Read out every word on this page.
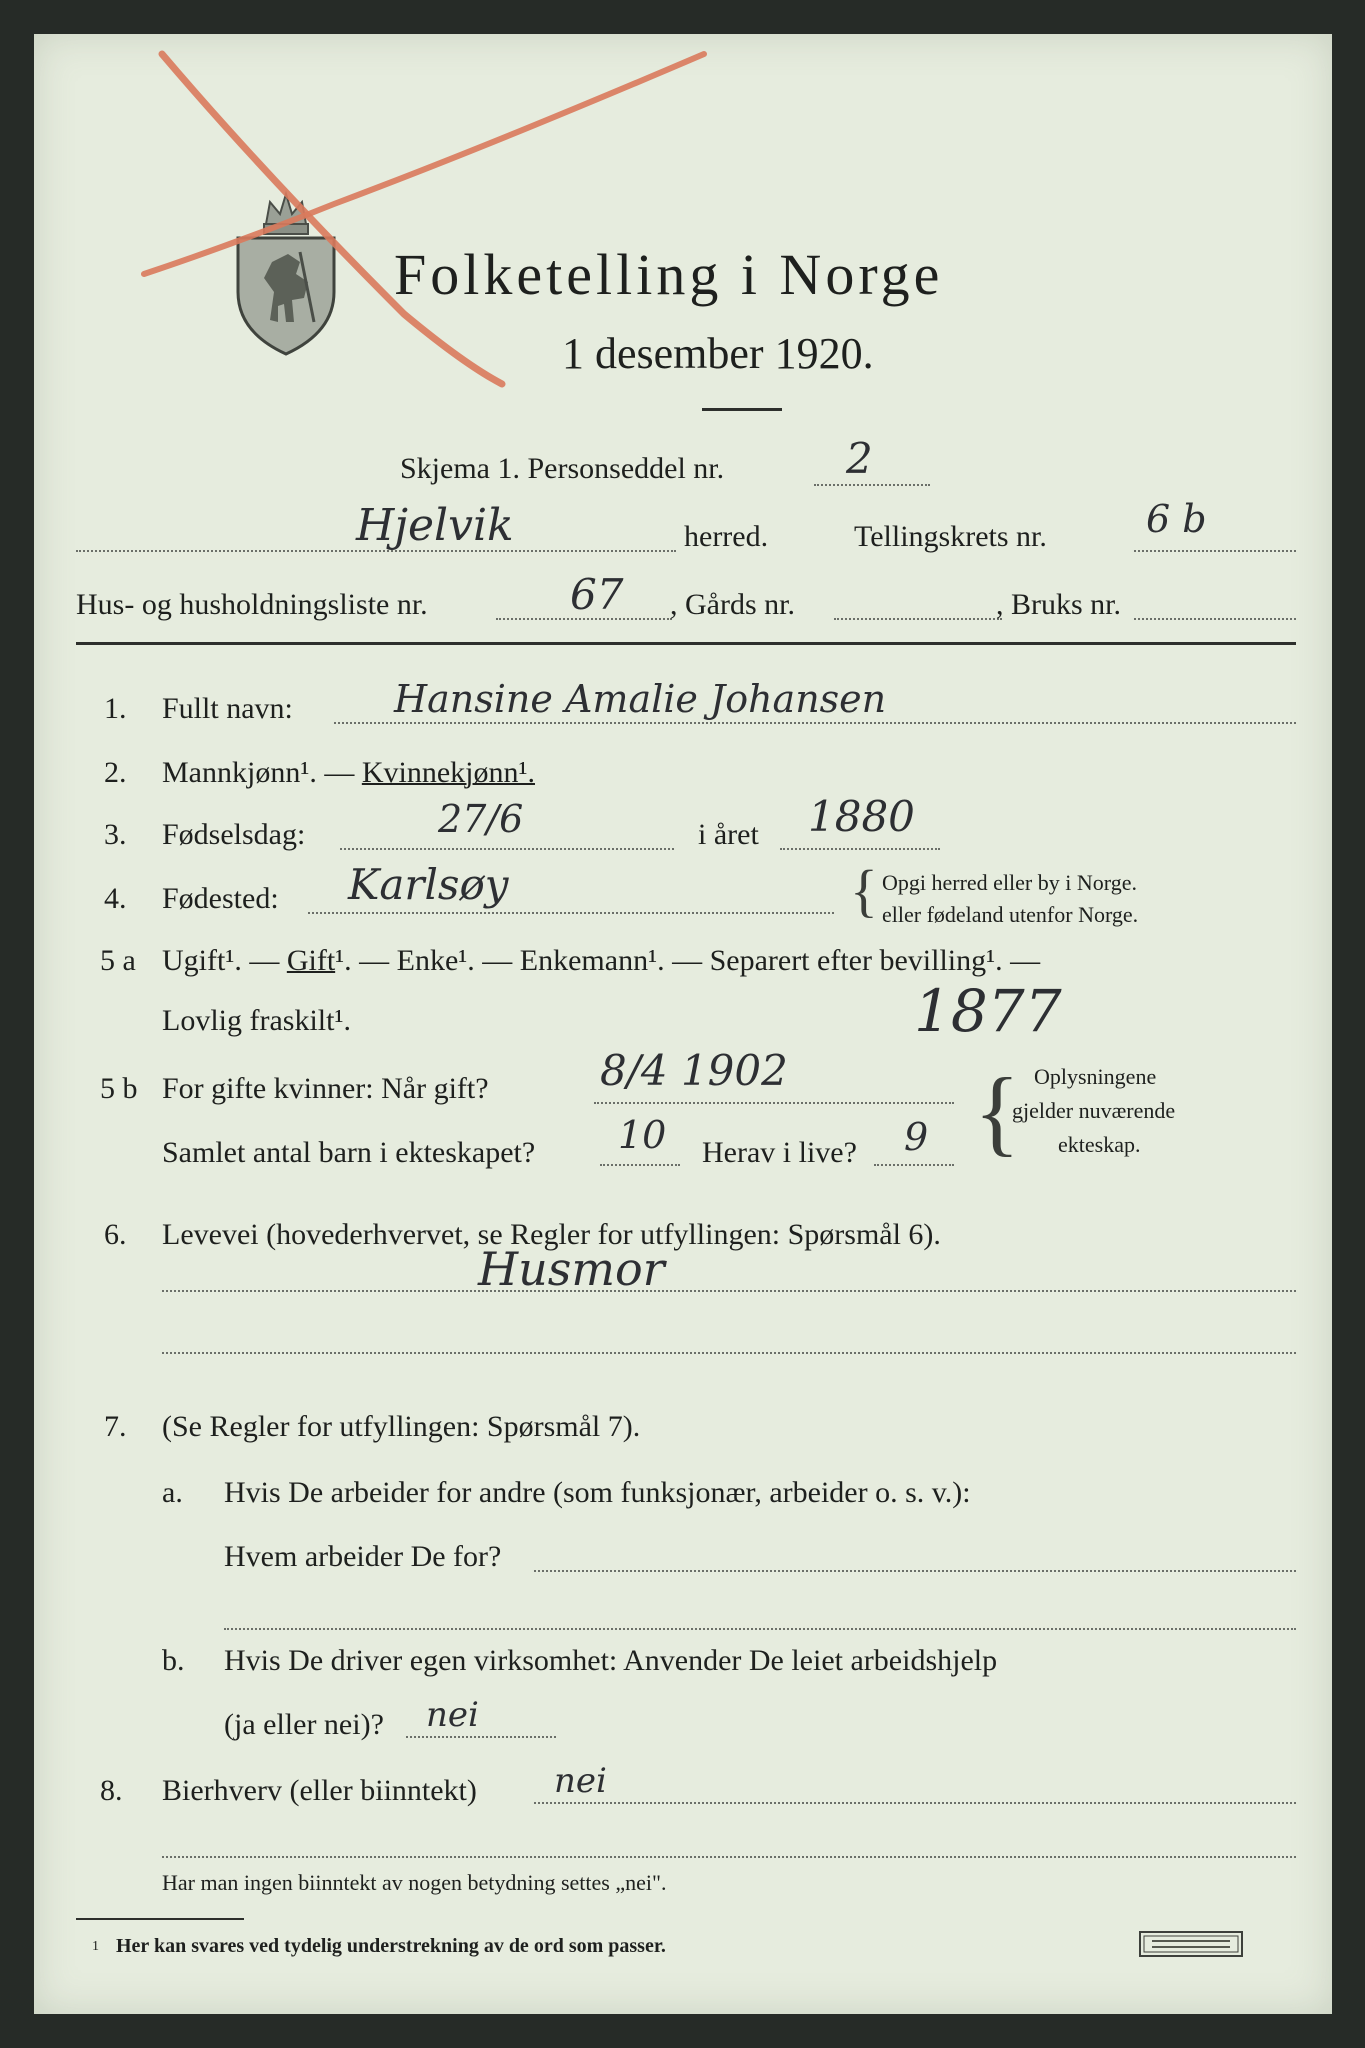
Folketelling i Norge
1 desember 1920.
Skjema 1. Personseddel nr.	2
Hjelvik	herred.	Tellingskrets nr.	6 b
Hus- og husholdningsliste nr.	67 , Gårds nr.	, Bruks nr.
1. Fullt navn:	Hansine Amalie Johansen
2. Mannkjønn¹. — Kvinnekjønn¹.
3. Fødselsdag:	27/6	i året 1880
4. Fødested: Karlsøy	{ Opgi herred eller by i Norge.
eller fødeland utenfor Norge.
5 a Ugift¹. — Gift¹. — Enke¹. — Enkemann¹. — Separert efter bevilling¹. —
Lovlig fraskilt¹.	1877
5 b For gifte kvinner: Når gift?	8/4 1902
Samlet antal barn i ekteskapet? 10 Herav i live? 9 { Oplysningene
gjelder nuværende
ekteskap.
6. Levevei (hovederhvervet, se Regler for utfyllingen: Spørsmål 6).
Husmor
7. (Se Regler for utfyllingen: Spørsmål 7).
a. Hvis De arbeider for andre (som funksjonær, arbeider o. s. v.):
Hvem arbeider De for?
b. Hvis De driver egen virksomhet: Anvender De leiet arbeidshjelp
(ja eller nei)? nei
8. Bierhverv (eller biinntekt) nei
Har man ingen biinntekt av nogen betydning settes „nei".
1 Her kan svares ved tydelig understrekning av de ord som passer.
